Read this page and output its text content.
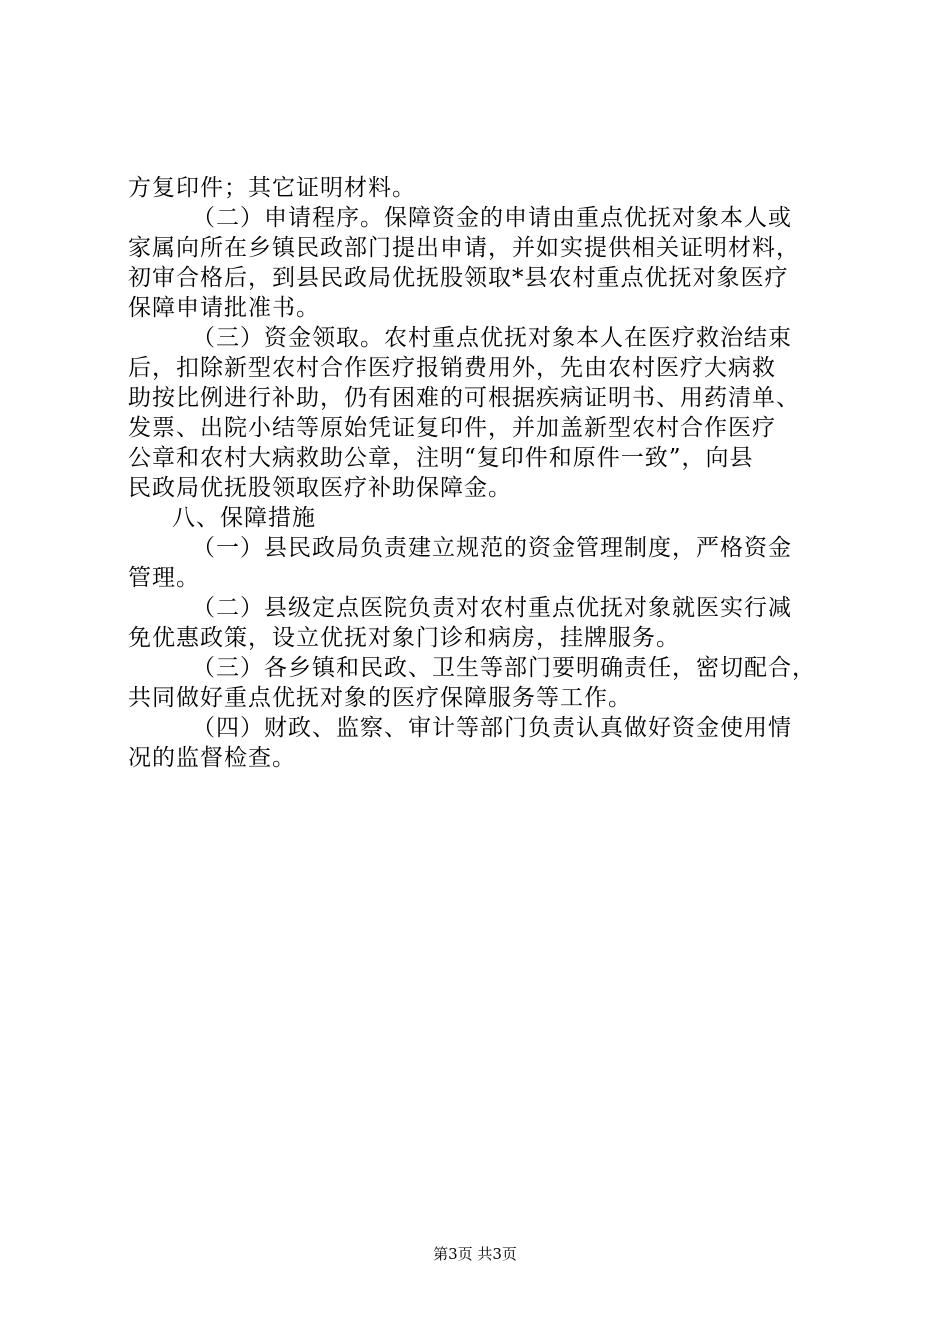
方复印件；其它证明材料。
（二）申请程序。保障资金的申请由重点优抚对象本人或
家属向所在乡镇民政部门提出申请，并如实提供相关证明材料，
初审合格后，到县民政局优抚股领取*县农村重点优抚对象医疗
保障申请批准书。
（三）资金领取。农村重点优抚对象本人在医疗救治结束
后，扣除新型农村合作医疗报销费用外，先由农村医疗大病救
助按比例进行补助，仍有困难的可根据疾病证明书、用药清单、
发票、出院小结等原始凭证复印件，并加盖新型农村合作医疗
公章和农村大病救助公章，注明“复印件和原件一致”，向县
民政局优抚股领取医疗补助保障金。
八、保障措施
（一）县民政局负责建立规范的资金管理制度，严格资金
管理。
（二）县级定点医院负责对农村重点优抚对象就医实行减
免优惠政策，设立优抚对象门诊和病房，挂牌服务。
（三）各乡镇和民政、卫生等部门要明确责任，密切配合，
共同做好重点优抚对象的医疗保障服务等工作。
（四）财政、监察、审计等部门负责认真做好资金使用情
况的监督检查。
第3页 共3页
